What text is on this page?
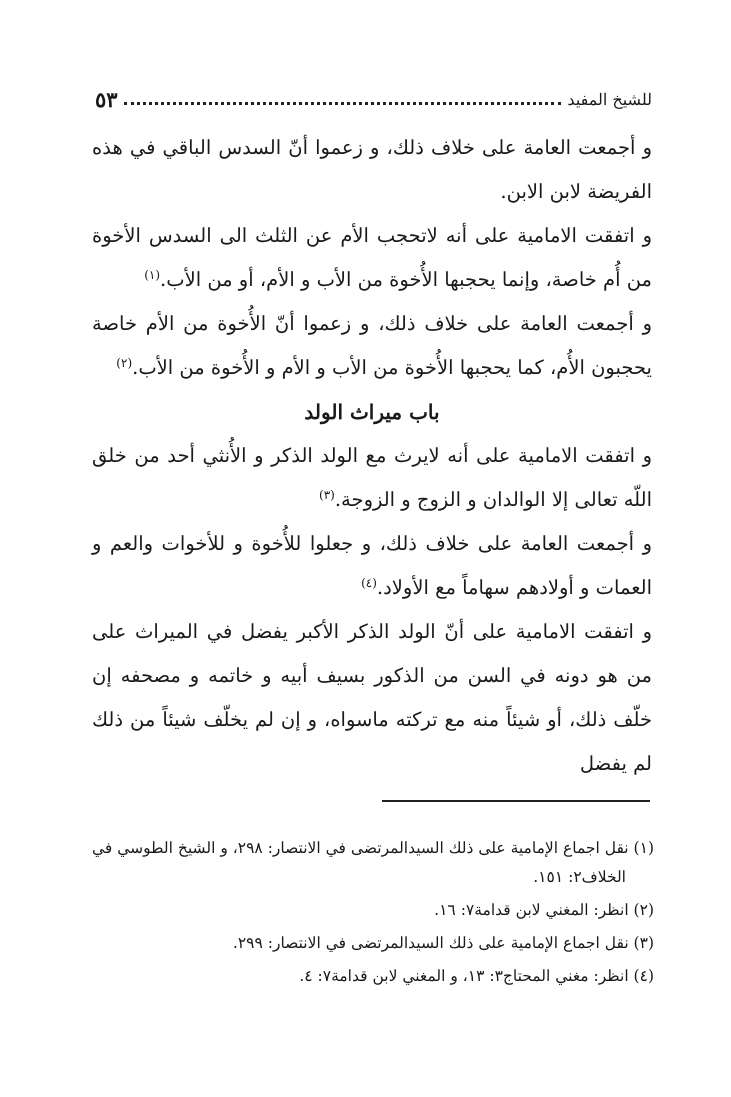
للشيخ المفيد
٥٣

و أجمعت العامة على خلاف ذلك، و زعموا أنّ السدس الباقي في هذه الفريضة لابن الابن.

و اتفقت الامامية على أنه لاتحجب الأم عن الثلث الى السدس الأخوة من أُم خاصة، وإنما يحجبها الأُخوة من الأب و الأم، أو من الأب.$^{(١)}$

و أجمعت العامة على خلاف ذلك، و زعموا أنّ الأُخوة من الأم خاصة يحجبون الأُم، كما يحجبها الأُخوة من الأب و الأم و الأُخوة من الأب.$^{(٢)}$

باب ميراث الولد

و اتفقت الامامية على أنه لايرث مع الولد الذكر و الأُنثي أحد من خلق اللّه تعالى إلا الوالدان و الزوج و الزوجة.$^{(٣)}$

و أجمعت العامة على خلاف ذلك، و جعلوا للأُخوة و للأخوات والعم و العمات و أولادهم سهاماً مع الأولاد.$^{(٤)}$

و اتفقت الامامية على أنّ الولد الذكر الأكبر يفضل في الميراث على من هو دونه في السن من الذكور بسيف أبيه و خاتمه و مصحفه إن خلّف ذلك، أو شيئاً منه مع تركته ماسواه، و إن لم يخلّف شيئاً من ذلك لم يفضل

(١) نقل اجماع الإمامية على ذلك السيدالمرتضى في الانتصار: ٢٩٨، و الشيخ الطوسي في الخلاف٢: ١٥١.

(٢) انظر: المغني لابن قدامة٧: ١٦.

(٣) نقل اجماع الإمامية على ذلك السيدالمرتضى في الانتصار: ٢٩٩.

(٤) انظر: مغني المحتاج٣: ١٣، و المغني لابن قدامة٧: ٤.
